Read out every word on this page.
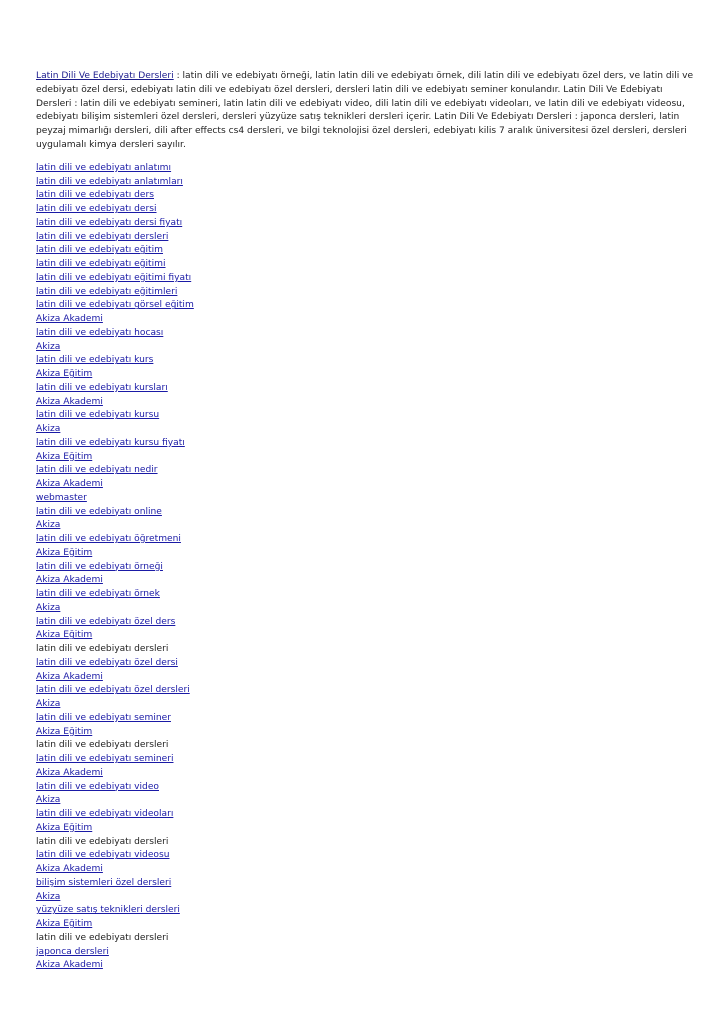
Latin Dili Ve Edebiyatı Dersleri : latin dili ve edebiyatı örneği, latin latin dili ve edebiyatı örnek, dili latin dili ve edebiyatı özel ders, ve latin dili ve edebiyatı özel dersi, edebiyatı latin dili ve edebiyatı özel dersleri, dersleri latin dili ve edebiyatı seminer konulandır. Latin Dili Ve Edebiyatı Dersleri : latin dili ve edebiyatı semineri, latin latin dili ve edebiyatı video, dili latin dili ve edebiyatı videoları, ve latin dili ve edebiyatı videosu, edebiyatı bilişim sistemleri özel dersleri, dersleri yüzyüze satış teknikleri dersleri içerir. Latin Dili Ve Edebiyatı Dersleri : japonca dersleri, latin peyzaj mimarlığı dersleri, dili after effects cs4 dersleri, ve bilgi teknolojisi özel dersleri, edebiyatı kilis 7 aralık üniversitesi özel dersleri, dersleri uygulamalı kimya dersleri sayılır.

latin dili ve edebiyatı anlatımı
latin dili ve edebiyatı anlatımları
latin dili ve edebiyatı ders
latin dili ve edebiyatı dersi
latin dili ve edebiyatı dersi fiyatı
latin dili ve edebiyatı dersleri
latin dili ve edebiyatı eğitim
latin dili ve edebiyatı eğitimi
latin dili ve edebiyatı eğitimi fiyatı
latin dili ve edebiyatı eğitimleri
latin dili ve edebiyatı görsel eğitim
Akiza Akademi
latin dili ve edebiyatı hocası
Akiza
latin dili ve edebiyatı kurs
Akiza Eğitim
latin dili ve edebiyatı kursları
Akiza Akademi
latin dili ve edebiyatı kursu
Akiza
latin dili ve edebiyatı kursu fiyatı
Akiza Eğitim
latin dili ve edebiyatı nedir
Akiza Akademi
webmaster
latin dili ve edebiyatı online
Akiza
latin dili ve edebiyatı öğretmeni
Akiza Eğitim
latin dili ve edebiyatı örneği
Akiza Akademi
latin dili ve edebiyatı örnek
Akiza
latin dili ve edebiyatı özel ders
Akiza Eğitim
latin dili ve edebiyatı dersleri
latin dili ve edebiyatı özel dersi
Akiza Akademi
latin dili ve edebiyatı özel dersleri
Akiza
latin dili ve edebiyatı seminer
Akiza Eğitim
latin dili ve edebiyatı dersleri
latin dili ve edebiyatı semineri
Akiza Akademi
latin dili ve edebiyatı video
Akiza
latin dili ve edebiyatı videoları
Akiza Eğitim
latin dili ve edebiyatı dersleri
latin dili ve edebiyatı videosu
Akiza Akademi
bilişim sistemleri özel dersleri
Akiza
yüzyüze satış teknikleri dersleri
Akiza Eğitim
latin dili ve edebiyatı dersleri
japonca dersleri
Akiza Akademi
